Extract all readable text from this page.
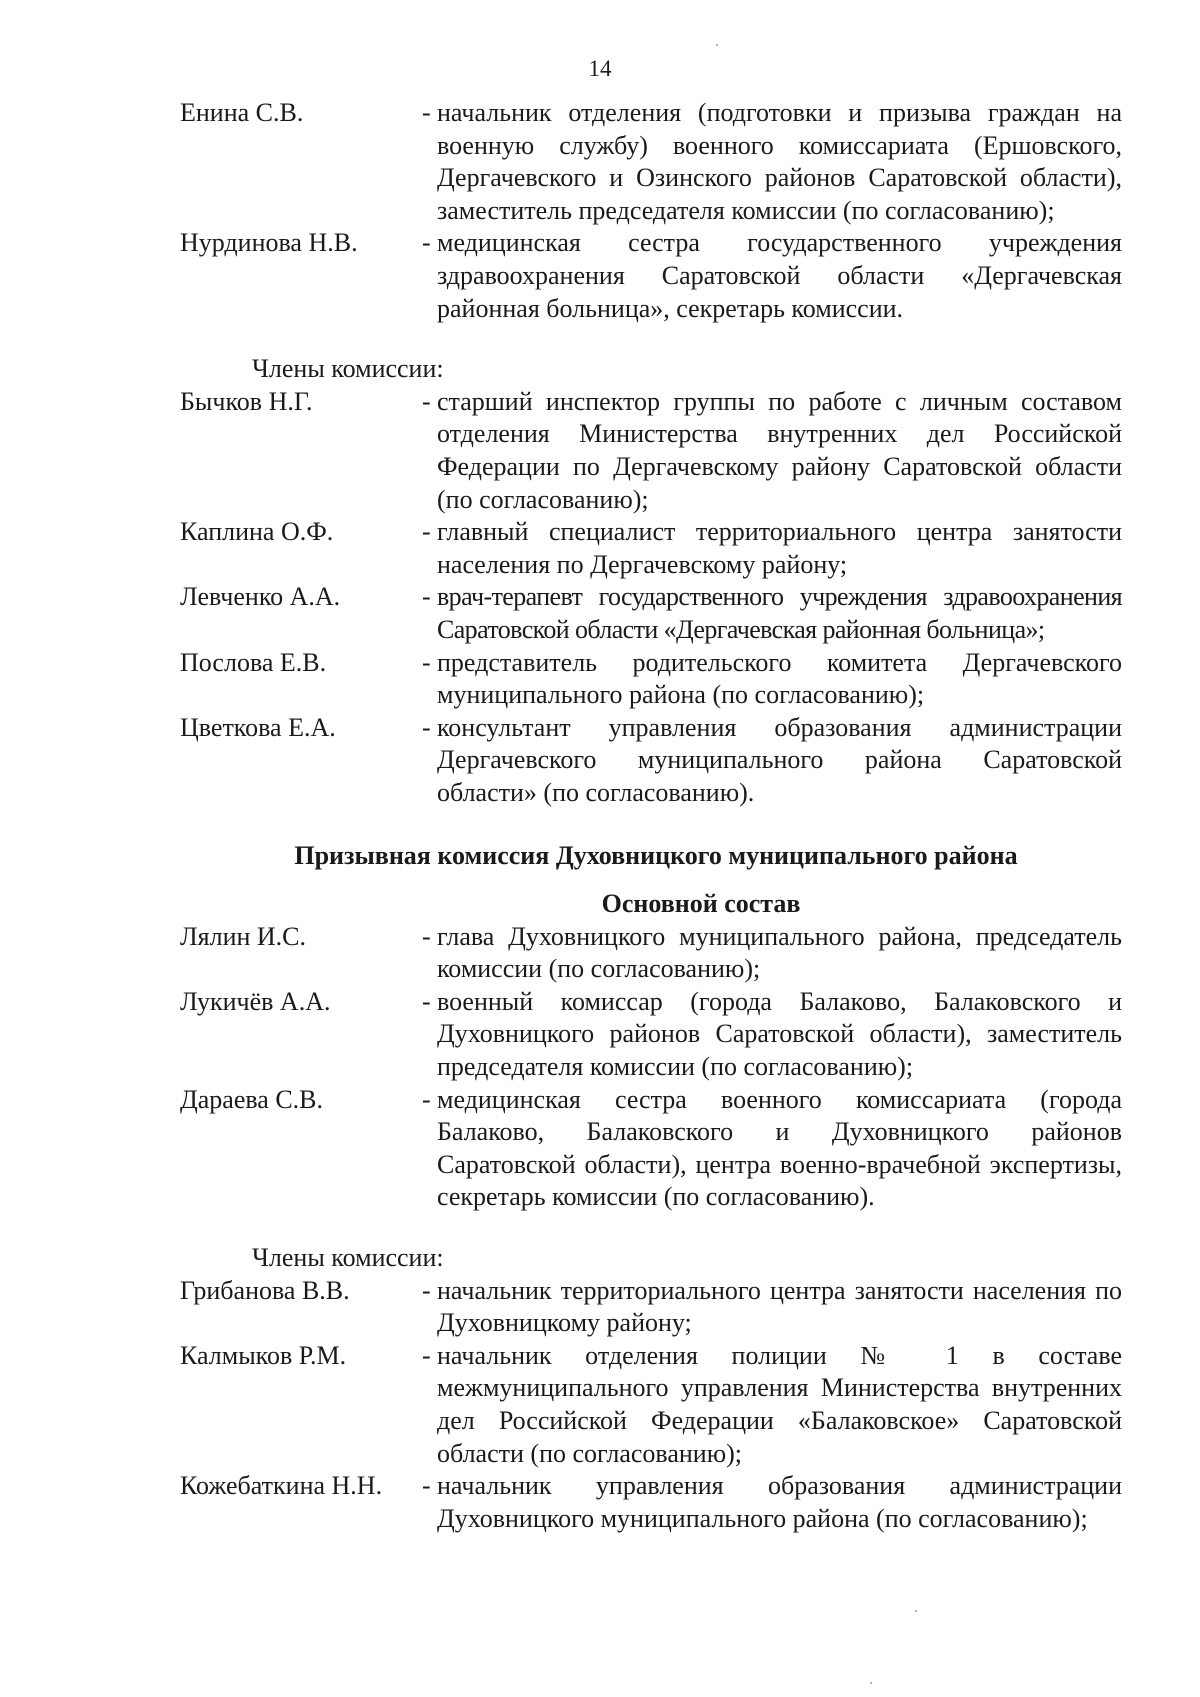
14
Енина С.В.	- начальник отделения (подготовки и призыва граждан на военную службу) военного комиссариата (Ершовского, Дергачевского и Озинского районов Саратовской области), заместитель председателя комиссии (по согласованию);
Нурдинова Н.В.	- медицинская сестра государственного учреждения здравоохранения Саратовской области «Дергачевская районная больница», секретарь комиссии.
Члены комиссии:
Бычков Н.Г.	- старший инспектор группы по работе с личным составом отделения Министерства внутренних дел Российской Федерации по Дергачевскому району Саратовской области (по согласованию);
Каплина О.Ф.	- главный специалист территориального центра занятости населения по Дергачевскому району;
Левченко А.А.	- врач-терапевт государственного учреждения здравоохранения Саратовской области «Дергачевская районная больница»;
Послова Е.В.	- представитель родительского комитета Дергачевского муниципального района (по согласованию);
Цветкова Е.А.	- консультант управления образования администрации Дергачевского муниципального района Саратовской области» (по согласованию).
Призывная комиссия Духовницкого муниципального района
Основной состав
Лялин И.С.	- глава Духовницкого муниципального района, председатель комиссии (по согласованию);
Лукичёв А.А.	- военный комиссар (города Балаково, Балаковского и Духовницкого районов Саратовской области), заместитель председателя комиссии (по согласованию);
Дараева С.В.	- медицинская сестра военного комиссариата (города Балаково, Балаковского и Духовницкого районов Саратовской области), центра военно-врачебной экспертизы, секретарь комиссии (по согласованию).
Члены комиссии:
Грибанова В.В.	- начальник территориального центра занятости населения по Духовницкому району;
Калмыков Р.М.	- начальник отделения полиции № 1 в составе межмуниципального управления Министерства внутренних дел Российской Федерации «Балаковское» Саратовской области (по согласованию);
Кожебаткина Н.Н.	- начальник управления образования администрации Духовницкого муниципального района (по согласованию);
